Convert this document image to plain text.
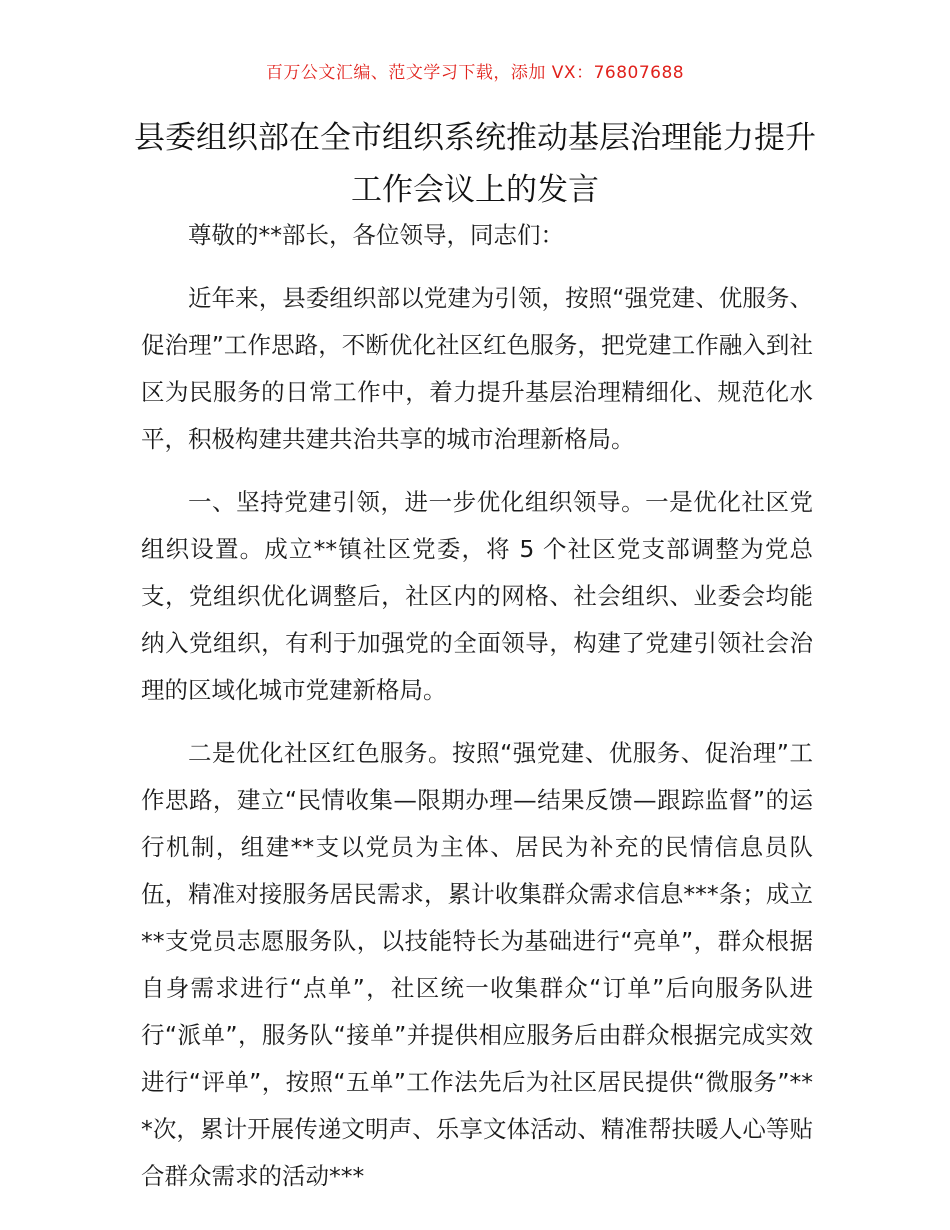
百万公文汇编、范文学习下载，添加 VX：76807688
县委组织部在全市组织系统推动基层治理能力提升工作会议上的发言

尊敬的**部长，各位领导，同志们：

近年来，县委组织部以党建为引领，按照“强党建、优服务、促治理”工作思路，不断优化社区红色服务，把党建工作融入到社区为民服务的日常工作中，着力提升基层治理精细化、规范化水平，积极构建共建共治共享的城市治理新格局。

一、坚持党建引领，进一步优化组织领导。一是优化社区党组织设置。成立**镇社区党委，将 5 个社区党支部调整为党总支，党组织优化调整后，社区内的网格、社会组织、业委会均能纳入党组织，有利于加强党的全面领导，构建了党建引领社会治理的区域化城市党建新格局。

二是优化社区红色服务。按照“强党建、优服务、促治理”工作思路，建立“民情收集—限期办理—结果反馈—跟踪监督”的运行机制，组建**支以党员为主体、居民为补充的民情信息员队伍，精准对接服务居民需求，累计收集群众需求信息***条；成立**支党员志愿服务队，以技能特长为基础进行“亮单”，群众根据自身需求进行“点单”，社区统一收集群众“订单”后向服务队进行“派单”，服务队“接单”并提供相应服务后由群众根据完成实效进行“评单”，按照“五单”工作法先后为社区居民提供“微服务”***次，累计开展传递文明声、乐享文体活动、精准帮扶暖人心等贴合群众需求的活动***
